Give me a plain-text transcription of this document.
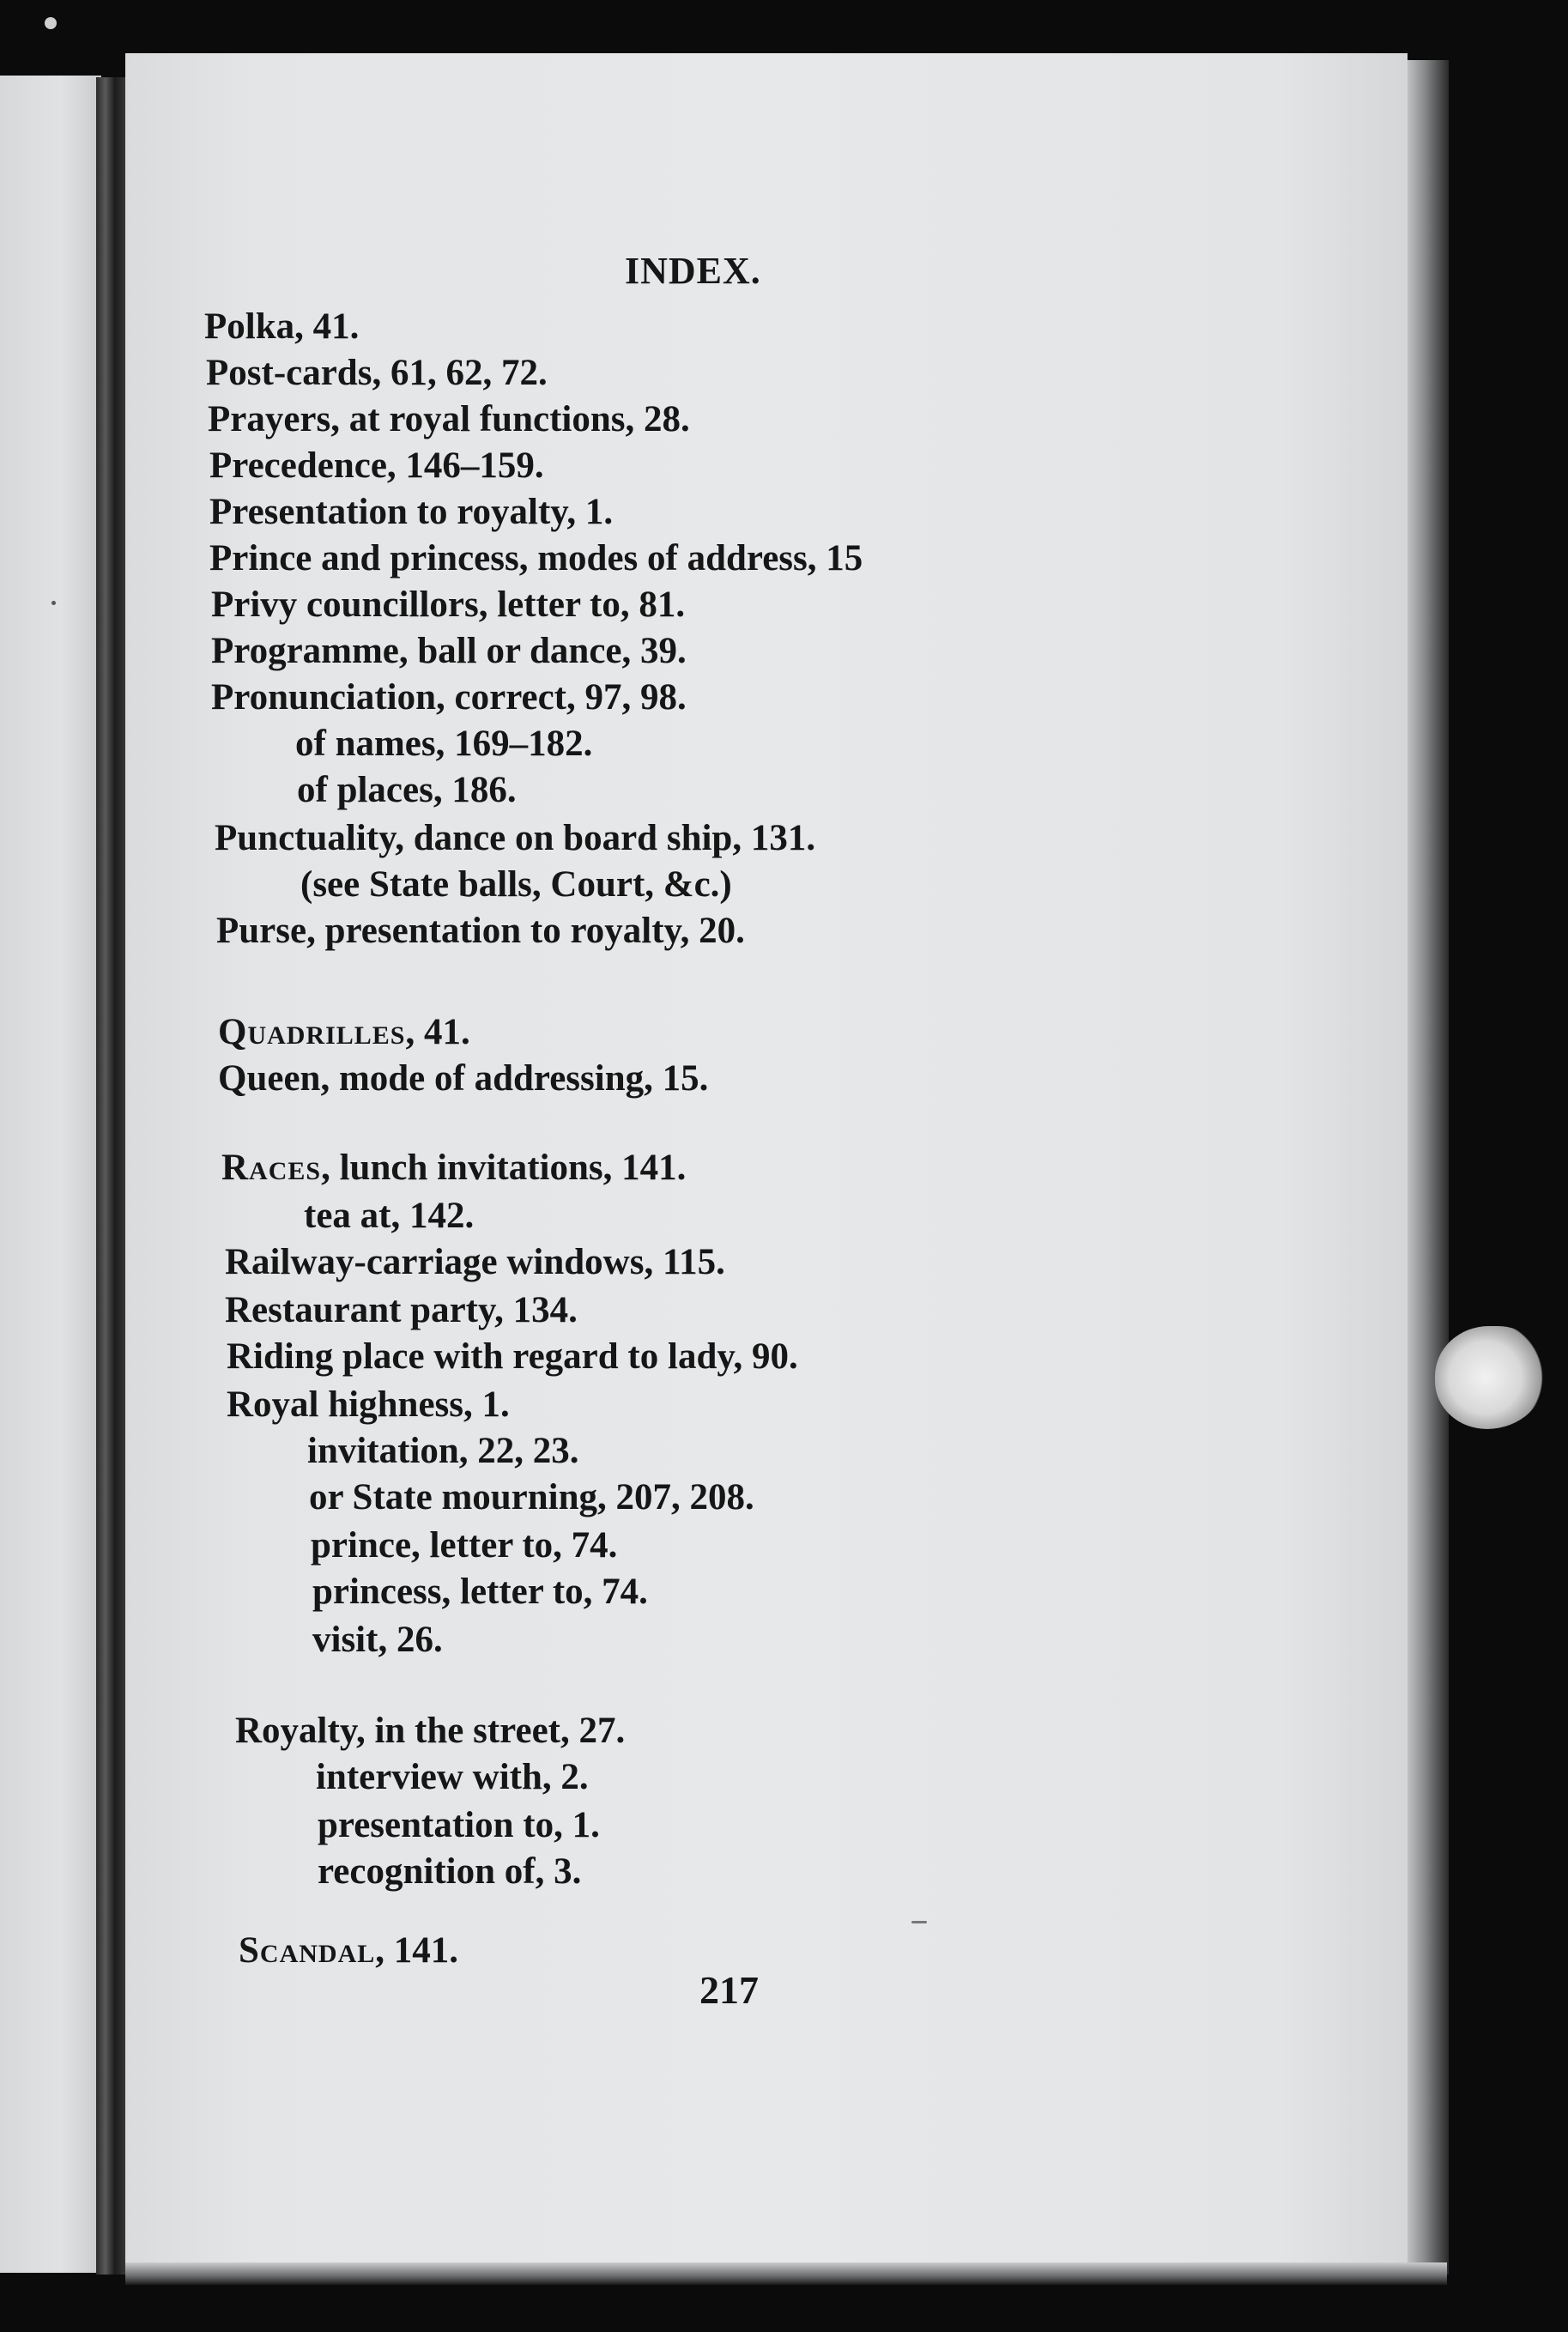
INDEX.
Polka, 41.
Post-cards, 61, 62, 72.
Prayers, at royal functions, 28.
Precedence, 146–159.
Presentation to royalty, 1.
Prince and princess, modes of address, 15
Privy councillors, letter to, 81.
Programme, ball or dance, 39.
Pronunciation, correct, 97, 98.
of names, 169–182.
of places, 186.
Punctuality, dance on board ship, 131.
(see State balls, Court, &c.)
Purse, presentation to royalty, 20.
Quadrilles, 41.
Queen, mode of addressing, 15.
Races, lunch invitations, 141.
tea at, 142.
Railway-carriage windows, 115.
Restaurant party, 134.
Riding place with regard to lady, 90.
Royal highness, 1.
invitation, 22, 23.
or State mourning, 207, 208.
prince, letter to, 74.
princess, letter to, 74.
visit, 26.
Royalty, in the street, 27.
interview with, 2.
presentation to, 1.
recognition of, 3.
Scandal, 141.
217
